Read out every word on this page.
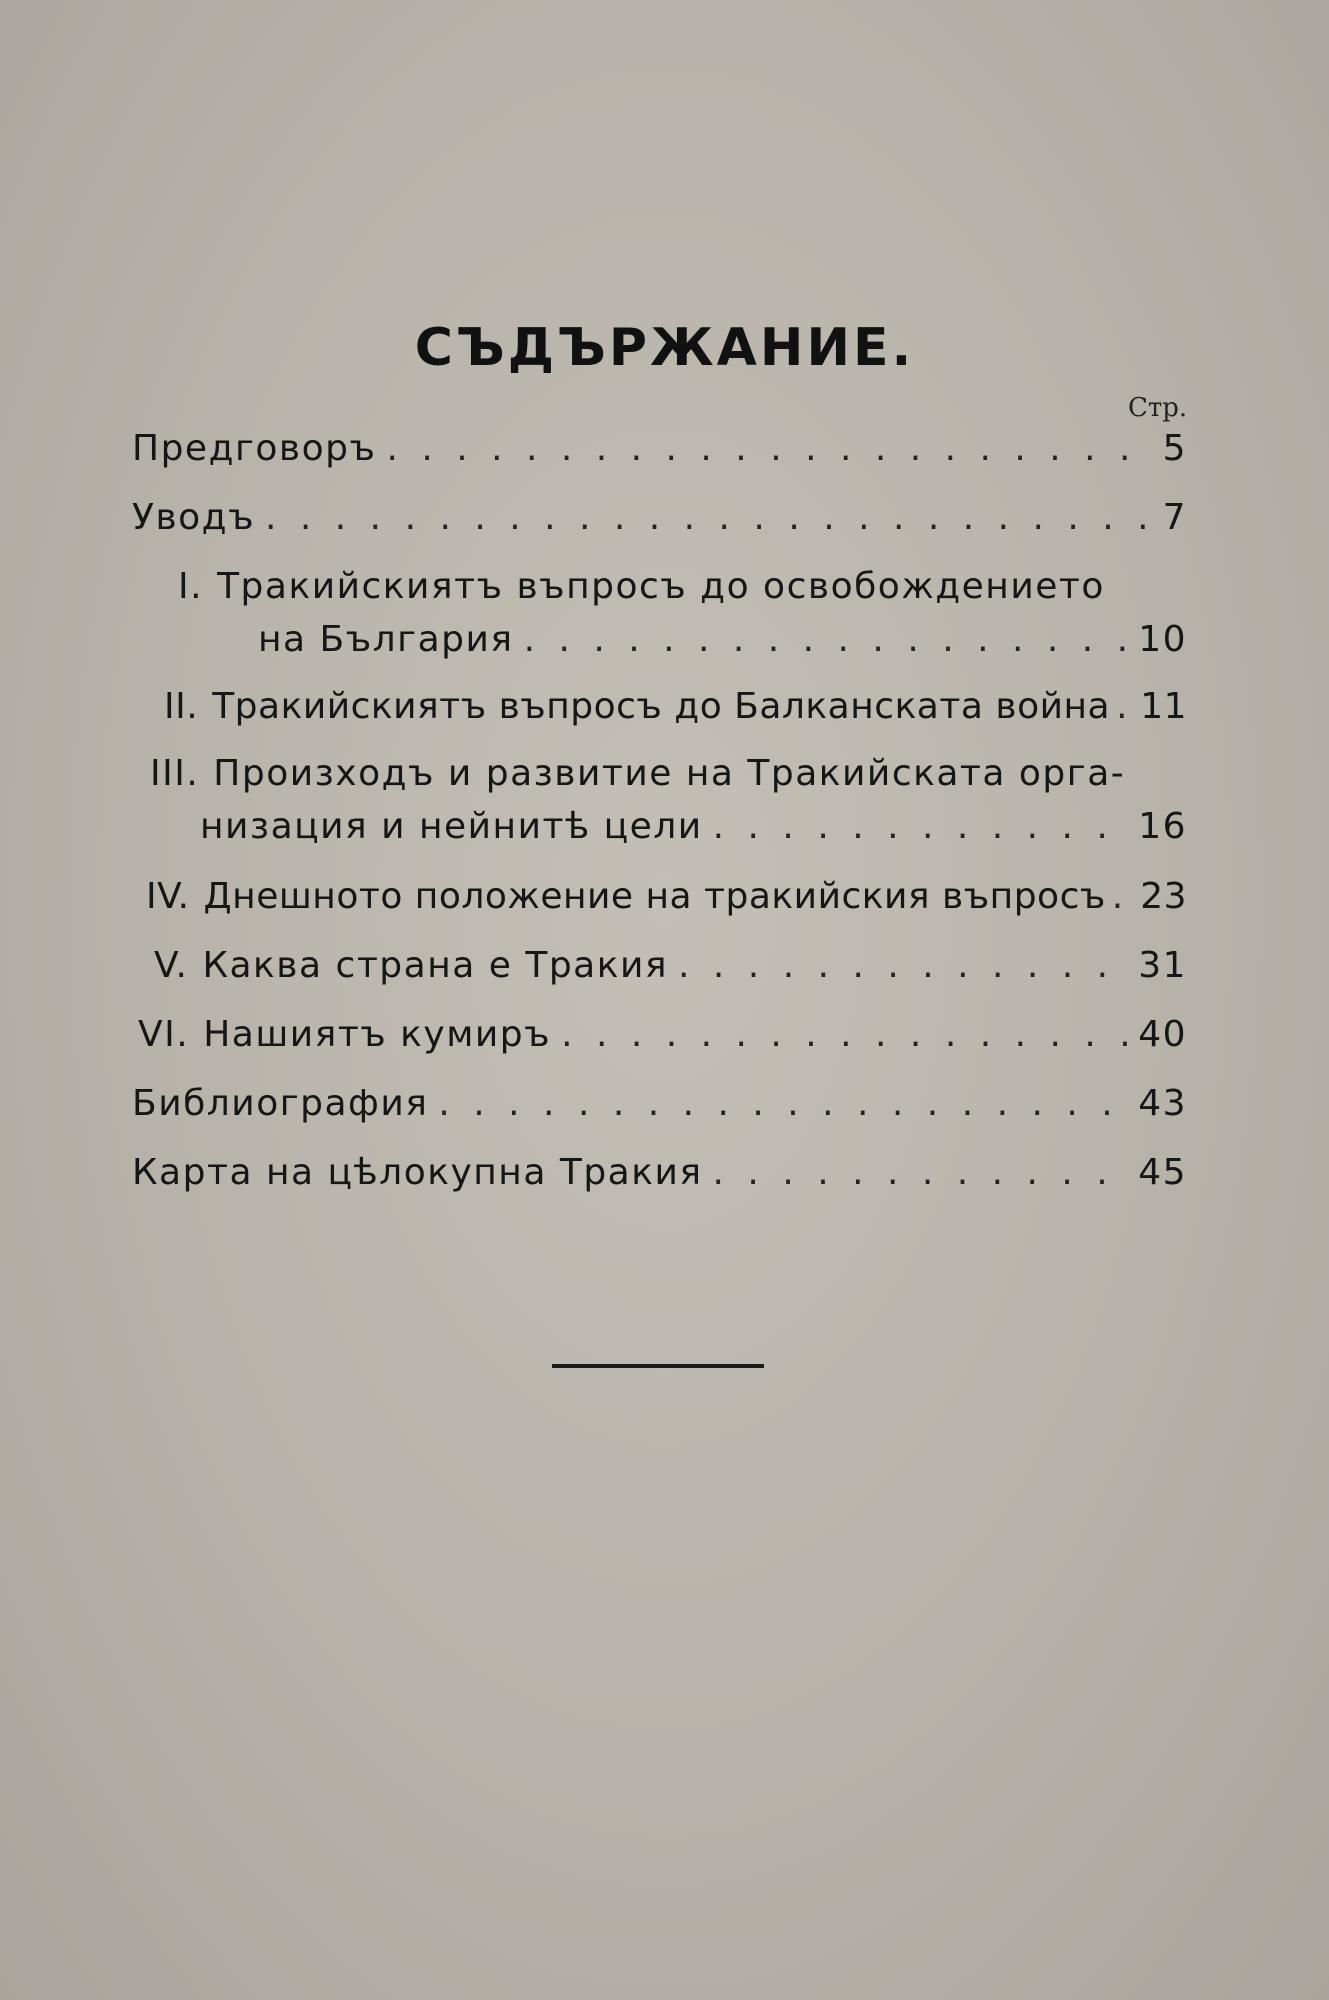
СЪДЪРЖАНИЕ.
Стр.
Предговоръ . . .	5
Уводъ . . .	7
I. Тракийскиятъ въпросъ до освобождението
на България . . .	10
II. Тракийскиятъ въпросъ до Балканската война . . . 11
III. Произходъ и развитие на Тракийската орга-
низация и нейнитѣ цели . . .	16
IV. Днешното положение на тракийския въпросъ . . . 23
V. Каква страна е Тракия . . .	31
VI. Нашиятъ кумиръ . . .	40
Библиография . . .	43
Карта на цѣлокупна Тракия . . .	45
